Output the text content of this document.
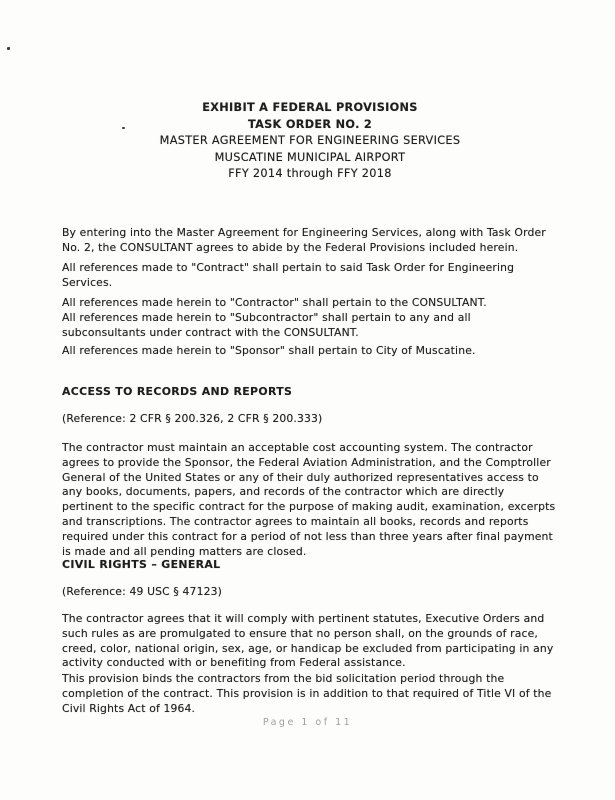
EXHIBIT A FEDERAL PROVISIONS
TASK ORDER NO. 2
MASTER AGREEMENT FOR ENGINEERING SERVICES
MUSCATINE MUNICIPAL AIRPORT
FFY 2014 through FFY 2018

By entering into the Master Agreement for Engineering Services, along with Task Order No. 2, the CONSULTANT agrees to abide by the Federal Provisions included herein.

All references made to "Contract" shall pertain to said Task Order for Engineering Services.

All references made herein to "Contractor" shall pertain to the CONSULTANT.

All references made herein to "Subcontractor" shall pertain to any and all subconsultants under contract with the CONSULTANT.

All references made herein to "Sponsor" shall pertain to City of Muscatine.

ACCESS TO RECORDS AND REPORTS

(Reference: 2 CFR § 200.326, 2 CFR § 200.333)

The contractor must maintain an acceptable cost accounting system. The contractor agrees to provide the Sponsor, the Federal Aviation Administration, and the Comptroller General of the United States or any of their duly authorized representatives access to any books, documents, papers, and records of the contractor which are directly pertinent to the specific contract for the purpose of making audit, examination, excerpts and transcriptions. The contractor agrees to maintain all books, records and reports required under this contract for a period of not less than three years after final payment is made and all pending matters are closed.

CIVIL RIGHTS – GENERAL

(Reference: 49 USC § 47123)

The contractor agrees that it will comply with pertinent statutes, Executive Orders and such rules as are promulgated to ensure that no person shall, on the grounds of race, creed, color, national origin, sex, age, or handicap be excluded from participating in any activity conducted with or benefiting from Federal assistance.

This provision binds the contractors from the bid solicitation period through the completion of the contract. This provision is in addition to that required of Title VI of the Civil Rights Act of 1964.

Page 1 of 11
